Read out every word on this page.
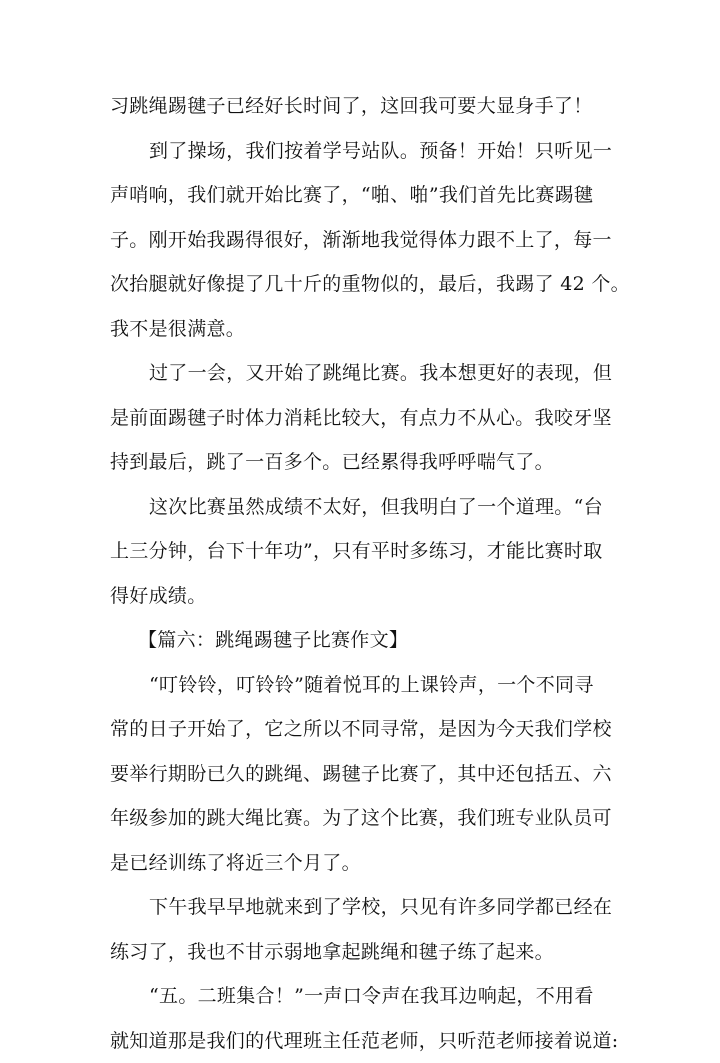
习跳绳踢毽子已经好长时间了，这回我可要大显身手了！
到了操场，我们按着学号站队。预备！开始！只听见一
声哨响，我们就开始比赛了，“啪、啪”我们首先比赛踢毽
子。刚开始我踢得很好，渐渐地我觉得体力跟不上了，每一
次抬腿就好像提了几十斤的重物似的，最后，我踢了 42 个。
我不是很满意。
过了一会，又开始了跳绳比赛。我本想更好的表现，但
是前面踢毽子时体力消耗比较大，有点力不从心。我咬牙坚
持到最后，跳了一百多个。已经累得我呼呼喘气了。
这次比赛虽然成绩不太好，但我明白了一个道理。“台
上三分钟，台下十年功”，只有平时多练习，才能比赛时取
得好成绩。
【篇六：跳绳踢毽子比赛作文】
“叮铃铃，叮铃铃”随着悦耳的上课铃声，一个不同寻
常的日子开始了，它之所以不同寻常，是因为今天我们学校
要举行期盼已久的跳绳、踢毽子比赛了，其中还包括五、六
年级参加的跳大绳比赛。为了这个比赛，我们班专业队员可
是已经训练了将近三个月了。
下午我早早地就来到了学校，只见有许多同学都已经在
练习了，我也不甘示弱地拿起跳绳和毽子练了起来。
“五。二班集合！”一声口令声在我耳边响起，不用看
就知道那是我们的代理班主任范老师，只听范老师接着说道:
